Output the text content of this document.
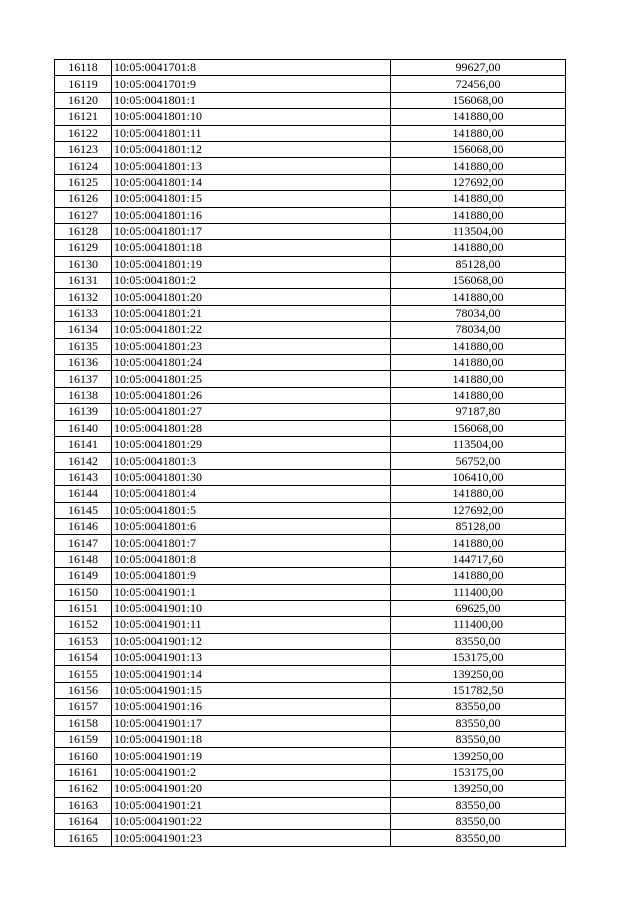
16118	10:05:0041701:8	99627,00
16119	10:05:0041701:9	72456,00
16120	10:05:0041801:1	156068,00
16121	10:05:0041801:10	141880,00
16122	10:05:0041801:11	141880,00
16123	10:05:0041801:12	156068,00
16124	10:05:0041801:13	141880,00
16125	10:05:0041801:14	127692,00
16126	10:05:0041801:15	141880,00
16127	10:05:0041801:16	141880,00
16128	10:05:0041801:17	113504,00
16129	10:05:0041801:18	141880,00
16130	10:05:0041801:19	85128,00
16131	10:05:0041801:2	156068,00
16132	10:05:0041801:20	141880,00
16133	10:05:0041801:21	78034,00
16134	10:05:0041801:22	78034,00
16135	10:05:0041801:23	141880,00
16136	10:05:0041801:24	141880,00
16137	10:05:0041801:25	141880,00
16138	10:05:0041801:26	141880,00
16139	10:05:0041801:27	97187,80
16140	10:05:0041801:28	156068,00
16141	10:05:0041801:29	113504,00
16142	10:05:0041801:3	56752,00
16143	10:05:0041801:30	106410,00
16144	10:05:0041801:4	141880,00
16145	10:05:0041801:5	127692,00
16146	10:05:0041801:6	85128,00
16147	10:05:0041801:7	141880,00
16148	10:05:0041801:8	144717,60
16149	10:05:0041801:9	141880,00
16150	10:05:0041901:1	111400,00
16151	10:05:0041901:10	69625,00
16152	10:05:0041901:11	111400,00
16153	10:05:0041901:12	83550,00
16154	10:05:0041901:13	153175,00
16155	10:05:0041901:14	139250,00
16156	10:05:0041901:15	151782,50
16157	10:05:0041901:16	83550,00
16158	10:05:0041901:17	83550,00
16159	10:05:0041901:18	83550,00
16160	10:05:0041901:19	139250,00
16161	10:05:0041901:2	153175,00
16162	10:05:0041901:20	139250,00
16163	10:05:0041901:21	83550,00
16164	10:05:0041901:22	83550,00
16165	10:05:0041901:23	83550,00
